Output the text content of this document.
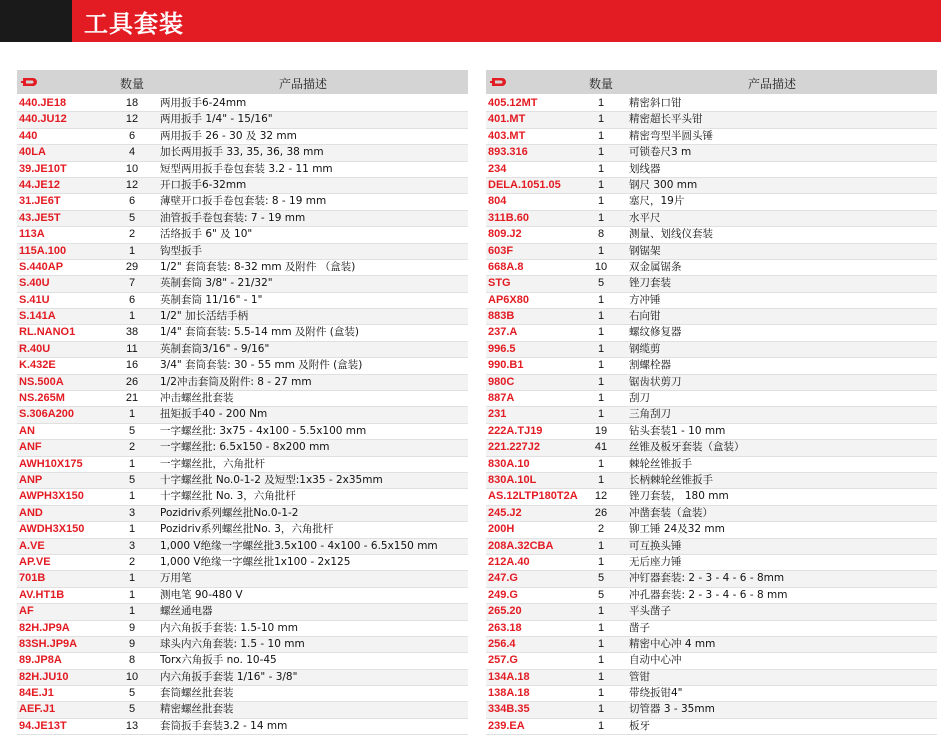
工具套装
数量	产品描述
440.JE18	18	两用扳手6-24mm
440.JU12	12	两用扳手 1/4" - 15/16"
440	6	两用扳手 26 - 30 及 32 mm
40LA	4	加长两用扳手 33, 35, 36, 38 mm
39.JE10T	10	短型两用扳手卷包套装 3.2 - 11 mm
44.JE12	12	开口扳手6-32mm
31.JE6T	6	薄壁开口扳手卷包套装: 8 - 19 mm
43.JE5T	5	油管扳手卷包套装: 7 - 19 mm
113A	2	活络扳手 6" 及 10"
115A.100	1	钩型扳手
S.440AP	29	1/2" 套筒套装: 8-32 mm 及附件 （盒装)
S.40U	7	英制套筒 3/8" - 21/32"
S.41U	6	英制套筒 11/16" - 1"
S.141A	1	1/2" 加长活结手柄
RL.NANO1	38	1/4" 套筒套装: 5.5-14 mm 及附件 (盒装)
R.40U	11	英制套筒3/16" - 9/16"
K.432E	16	3/4" 套筒套装: 30 - 55 mm 及附件 (盒装)
NS.500A	26	1/2冲击套筒及附件: 8 - 27 mm
NS.265M	21	冲击螺丝批套装
S.306A200	1	扭矩扳手40 - 200 Nm
AN	5	一字螺丝批: 3x75 - 4x100 - 5.5x100 mm
ANF	2	一字螺丝批: 6.5x150 - 8x200 mm
AWH10X175	1	一字螺丝批，六角批杆
ANP	5	十字螺丝批 No.0-1-2 及短型:1x35 - 2x35mm
AWPH3X150	1	十字螺丝批 No. 3，六角批杆
AND	3	Pozidriv系列螺丝批No.0-1-2
AWDH3X150	1	Pozidriv系列螺丝批No. 3，六角批杆
A.VE	3	1,000 V绝缘一字螺丝批3.5x100 - 4x100 - 6.5x150 mm
AP.VE	2	1,000 V绝缘一字螺丝批1x100 - 2x125
701B	1	万用笔
AV.HT1B	1	测电笔 90-480 V
AF	1	螺丝通电器
82H.JP9A	9	内六角扳手套装: 1.5-10 mm
83SH.JP9A	9	球头内六角套装: 1.5 - 10 mm
89.JP8A	8	Torx六角扳手 no. 10-45
82H.JU10	10	内六角扳手套装 1/16" - 3/8"
84E.J1	5	套筒螺丝批套装
AEF.J1	5	精密螺丝批套装
94.JE13T	13	套筒扳手套装3.2 - 14 mm
数量	产品描述
405.12MT	1	精密斜口钳
401.MT	1	精密超长平头钳
403.MT	1	精密弯型半圆头锤
893.316	1	可锁卷尺3 m
234	1	划线器
DELA.1051.05	1	钢尺 300 mm
804	1	塞尺，19片
311B.60	1	水平尺
809.J2	8	测量、划线仪套装
603F	1	钢锯架
668A.8	10	双金属锯条
STG	5	锉刀套装
AP6X80	1	方冲锤
883B	1	右向钳
237.A	1	螺纹修复器
996.5	1	钢缆剪
990.B1	1	割螺栓器
980C	1	锯齿状剪刀
887A	1	刮刀
231	1	三角刮刀
222A.TJ19	19	钻头套装1 - 10 mm
221.227J2	41	丝锥及板牙套装（盒装）
830A.10	1	棘轮丝锥扳手
830A.10L	1	长柄棘轮丝锥扳手
AS.12LTP180T2A	12	锉刀套装， 180 mm
245.J2	26	冲凿套装（盒装）
200H	2	铆工锤 24及32 mm
208A.32CBA	1	可互换头锤
212A.40	1	无后座力锤
247.G	5	冲钉器套装: 2 - 3 - 4 - 6 - 8mm
249.G	5	冲孔器套装: 2 - 3 - 4 - 6 - 8 mm
265.20	1	平头凿子
263.18	1	凿子
256.4	1	精密中心冲 4 mm
257.G	1	自动中心冲
134A.18	1	管钳
138A.18	1	带绕扳钳4"
334B.35	1	切管器 3 - 35mm
239.EA	1	板牙
